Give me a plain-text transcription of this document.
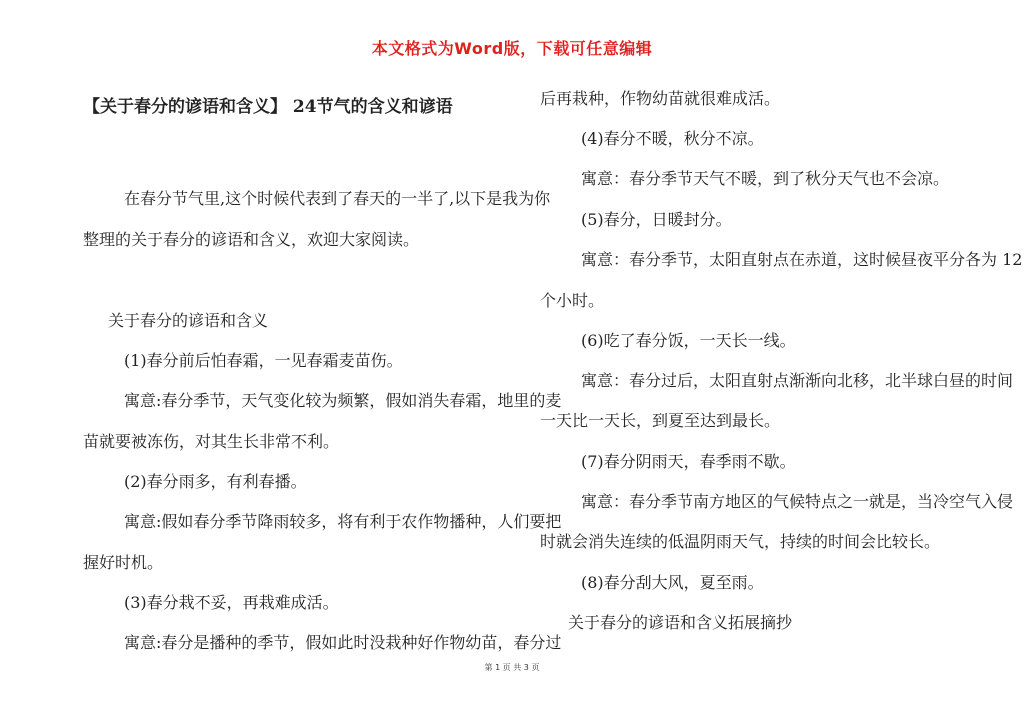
本文格式为Word版，下载可任意编辑
【关于春分的谚语和含义】 24节气的含义和谚语
在春分节气里,这个时候代表到了春天的一半了,以下是我为你
整理的关于春分的谚语和含义，欢迎大家阅读。
关于春分的谚语和含义
(1)春分前后怕春霜，一见春霜麦苗伤。
寓意:春分季节，天气变化较为频繁，假如消失春霜，地里的麦
苗就要被冻伤，对其生长非常不利。
(2)春分雨多，有利春播。
寓意:假如春分季节降雨较多，将有利于农作物播种，人们要把
握好时机。
(3)春分栽不妥，再栽难成活。
寓意:春分是播种的季节，假如此时没栽种好作物幼苗，春分过
后再栽种，作物幼苗就很难成活。
(4)春分不暖，秋分不凉。
寓意：春分季节天气不暖，到了秋分天气也不会凉。
(5)春分，日暖封分。
寓意：春分季节，太阳直射点在赤道，这时候昼夜平分各为 12
个小时。
(6)吃了春分饭，一天长一线。
寓意：春分过后，太阳直射点渐渐向北移，北半球白昼的时间
一天比一天长，到夏至达到最长。
(7)春分阴雨天，春季雨不歇。
寓意：春分季节南方地区的气候特点之一就是，当冷空气入侵
时就会消失连续的低温阴雨天气，持续的时间会比较长。
(8)春分刮大风，夏至雨。
关于春分的谚语和含义拓展摘抄
第 1 页 共 3 页
